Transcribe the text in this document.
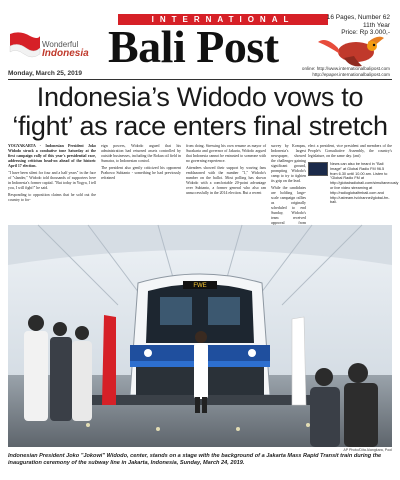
INTERNATIONAL
Wonderful
Indonesia Bali Post
16 Pages, Number 62
11th Year
Price: Rp 3.000,-
online: http://www.internationalbalipost.com
http://epaper.internationalbalipost.com
Monday, March 25, 2019
Indonesia’s Widodo vows to
‘fight’ as race enters final stretch

YOGYAKARTA - Indonesian President Joko Widodo struck a combative tone Saturday at the first campaign rally of this year's presidential race, addressing criticism head-on ahead of the historic April 17 election.

"I have been silent for four and a half years" in the face of "slander," Widodo told thousands of supporters here in Indonesia's former capital. "But today in Yogya, I tell you, I will fight!" he said.

Responding to opposition claims that he sold out the country to for-

eign powers, Widodo argued that his administration had returned assets controlled by outside businesses, including the Rokan oil field in Sumatra, to Indonesian control.

The president also gently criticized his opponent Prabowo Subianto - something he had previously refrained

from doing. Stressing his own resume as mayor of Surakarta and governor of Jakarta, Widodo argued that Indonesia cannot be entrusted to someone with no governing experience.

Attendees showed their support by waving fans emblazoned with the number "1," Widodo's number on the ballot. Most polling has shown Widodo with a comfortable 20-point advantage over Subianto, a former general who also ran unsuccessfully in the 2014 election. But a recent

survey by Kompas, Indonesia's largest newspaper, showed the challenger gaining significant ground, prompting Widodo's camp to try to tighten its grip on the lead.

While the candidates are holding large-scale campaign rallies as originally scheduled to end Sunday, Widodo's team received approval from

elect a president, vice president and members of the People's Consultative Assembly, the country's legislature, on the same day. (ant)

News can also be heard in "Bali Image" at Global Radio FM 96.5 from 6.30 until 10.00 am. Listen to "Global Radio FM at http://globalradiobali.com/simultaneously or live video streaming at http://radioglobalfmbali.com and http://ustream.tv/channel/global-fm-bali.
FWE
AP Photo/Dita Alangkara, Pool
Indonesian President Joko "Jokowi" Widodo, center, stands on a stage with the background of a Jakarta Mass Rapid Transit train during the inauguration ceremony of the subway line in Jakarta, Indonesia, Sunday, March 24, 2019.
